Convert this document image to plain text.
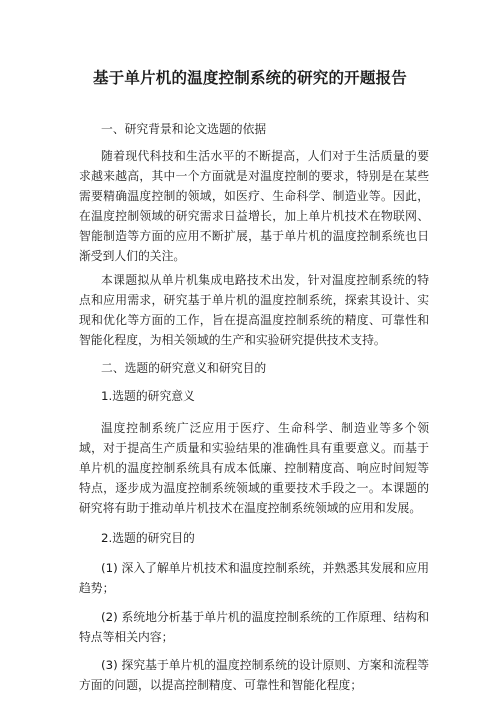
基于单片机的温度控制系统的研究的开题报告

一、研究背景和论文选题的依据

随着现代科技和生活水平的不断提高，人们对于生活质量的要求越来越高，其中一个方面就是对温度控制的要求，特别是在某些需要精确温度控制的领域，如医疗、生命科学、制造业等。因此，在温度控制领域的研究需求日益增长，加上单片机技术在物联网、智能制造等方面的应用不断扩展，基于单片机的温度控制系统也日渐受到人们的关注。

本课题拟从单片机集成电路技术出发，针对温度控制系统的特点和应用需求，研究基于单片机的温度控制系统，探索其设计、实现和优化等方面的工作，旨在提高温度控制系统的精度、可靠性和智能化程度，为相关领域的生产和实验研究提供技术支持。

二、选题的研究意义和研究目的

1.选题的研究意义

温度控制系统广泛应用于医疗、生命科学、制造业等多个领域，对于提高生产质量和实验结果的准确性具有重要意义。而基于单片机的温度控制系统具有成本低廉、控制精度高、响应时间短等特点，逐步成为温度控制系统领域的重要技术手段之一。本课题的研究将有助于推动单片机技术在温度控制系统领域的应用和发展。

2.选题的研究目的

(1) 深入了解单片机技术和温度控制系统，并熟悉其发展和应用趋势；

(2) 系统地分析基于单片机的温度控制系统的工作原理、结构和特点等相关内容；

(3) 探究基于单片机的温度控制系统的设计原则、方案和流程等方面的问题，以提高控制精度、可靠性和智能化程度；
